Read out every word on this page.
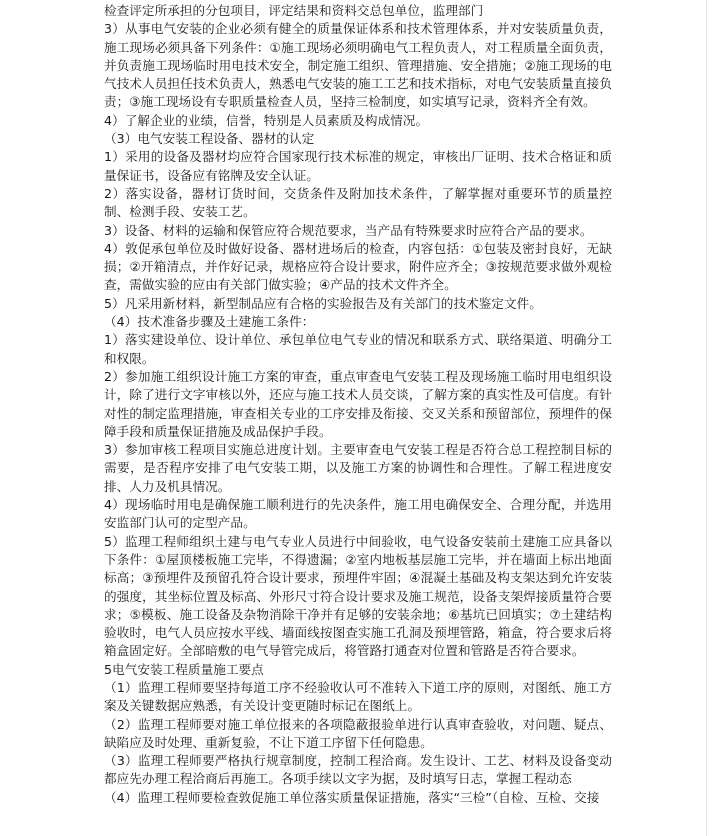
检查评定所承担的分包项目，评定结果和资料交总包单位，监理部门

3）从事电气安装的企业必须有健全的质量保证体系和技术管理体系，并对安装质量负责，施工现场必须具备下列条件：①施工现场必须明确电气工程负责人，对工程质量全面负责，并负责施工现场临时用电技术安全，制定施工组织、管理措施、安全措施；②施工现场的电气技术人员担任技术负责人，熟悉电气安装的施工工艺和技术指标，对电气安装质量直接负责；③施工现场设有专职质量检查人员，坚持三检制度，如实填写记录，资料齐全有效。

4）了解企业的业绩，信誉，特别是人员素质及构成情况。

（3）电气安装工程设备、器材的认定

1）采用的设备及器材均应符合国家现行技术标准的规定，审核出厂证明、技术合格证和质量保证书，设备应有铭牌及安全认证。

2）落实设备，器材订货时间，交货条件及附加技术条件，了解掌握对重要环节的质量控制、检测手段、安装工艺。

3）设备、材料的运输和保管应符合规范要求，当产品有特殊要求时应符合产品的要求。

4）敦促承包单位及时做好设备、器材进场后的检查，内容包括：①包装及密封良好，无缺损；②开箱清点，并作好记录，规格应符合设计要求，附件应齐全；③按规范要求做外观检查，需做实验的应由有关部门做实验；④产品的技术文件齐全。

5）凡采用新材料，新型制品应有合格的实验报告及有关部门的技术鉴定文件。

（4）技术准备步骤及土建施工条件：

1）落实建设单位、设计单位、承包单位电气专业的情况和联系方式、联络渠道、明确分工和权限。

2）参加施工组织设计施工方案的审查，重点审查电气安装工程及现场施工临时用电组织设计，除了进行文字审核以外，还应与施工技术人员交谈，了解方案的真实性及可信度。有针对性的制定监理措施，审查相关专业的工序安排及衔接、交叉关系和预留部位，预埋件的保障手段和质量保证措施及成品保护手段。

3）参加审核工程项目实施总进度计划。主要审查电气安装工程是否符合总工程控制目标的需要，是否程序安排了电气安装工期，以及施工方案的协调性和合理性。了解工程进度安排、人力及机具情况。

4）现场临时用电是确保施工顺利进行的先决条件，施工用电确保安全、合理分配，并选用安监部门认可的定型产品。

5）监理工程师组织土建与电气专业人员进行中间验收，电气设备安装前土建施工应具备以下条件：①屋顶楼板施工完毕，不得遗漏；②室内地板基层施工完毕，并在墙面上标出地面标高；③预埋件及预留孔符合设计要求，预埋件牢固；④混凝土基础及构支架达到允许安装的强度，其坐标位置及标高、外形尺寸符合设计要求及施工规范，设备支架焊接质量符合要求；⑤模板、施工设备及杂物消除干净并有足够的安装余地；⑥基坑已回填实；⑦土建结构验收时，电气人员应按水平线、墙面线按图查实施工孔洞及预埋管路，箱盒，符合要求后将箱盒固定好。全部暗敷的电气导管完成后，将管路打通查对位置和管路是否符合要求。

5电气安装工程质量施工要点

（1）监理工程师要坚持每道工序不经验收认可不准转入下道工序的原则，对图纸、施工方案及关键数据应熟悉，有关设计变更随时标记在图纸上。

（2）监理工程师要对施工单位报来的各项隐蔽报验单进行认真审查验收，对问题、疑点、缺陷应及时处理、重新复验，不让下道工序留下任何隐患。

（3）监理工程师要严格执行规章制度，控制工程洽商。发生设计、工艺、材料及设备变动都应先办理工程洽商后再施工。各项手续以文字为据，及时填写日志，掌握工程动态

（4）监理工程师要检查敦促施工单位落实质量保证措施，落实“三检”（自检、互检、交接
